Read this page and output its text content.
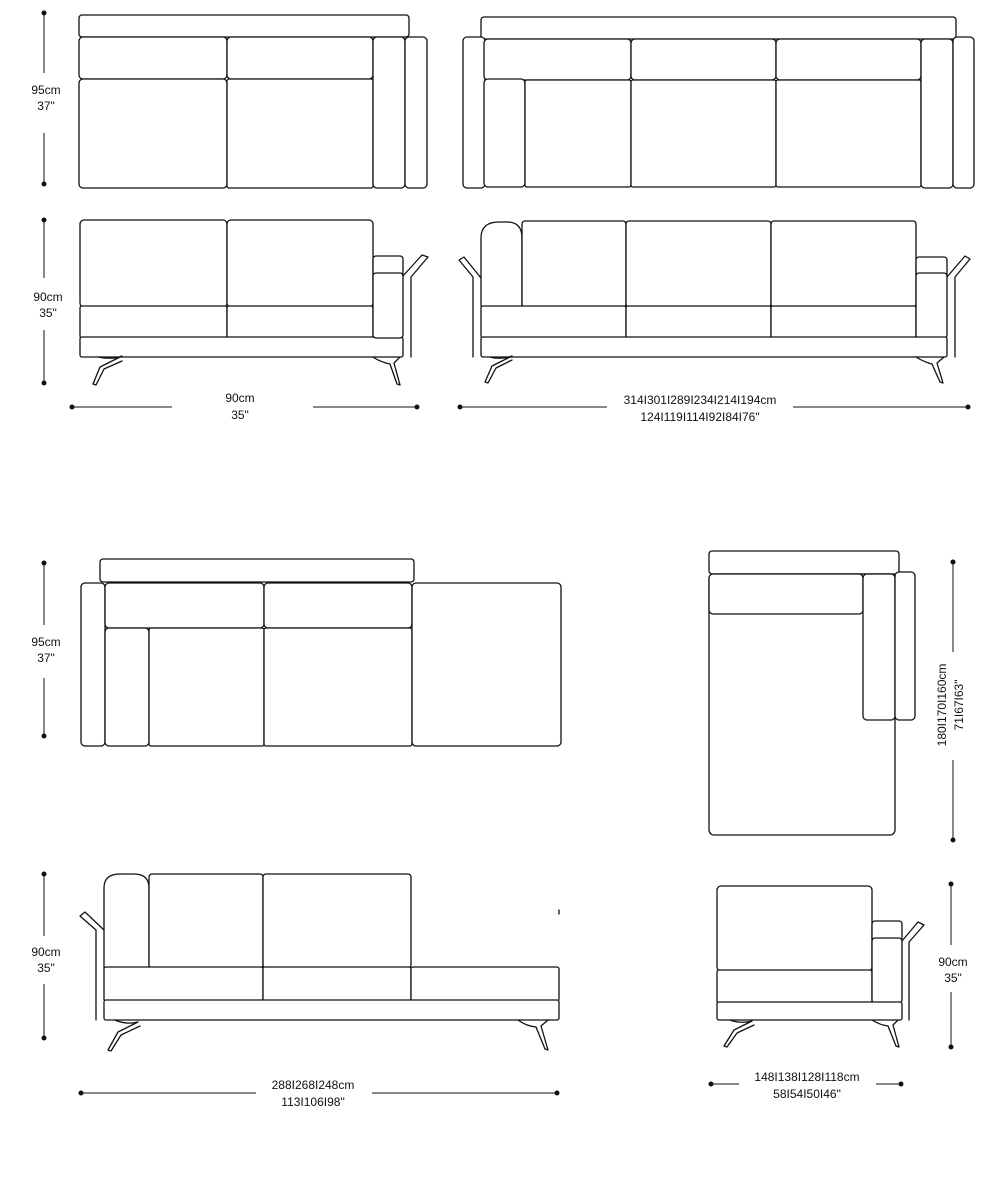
95cm
37"
90cm
35"
90cm
35"
314I301I289I234I214I194cm
124I119I114I92I84I76"
95cm
37"
90cm
35"
288I268I248cm
113I106I98"
180I170I160cm 71I67I63"
90cm
35"
148I138I128I118cm
58I54I50I46"
